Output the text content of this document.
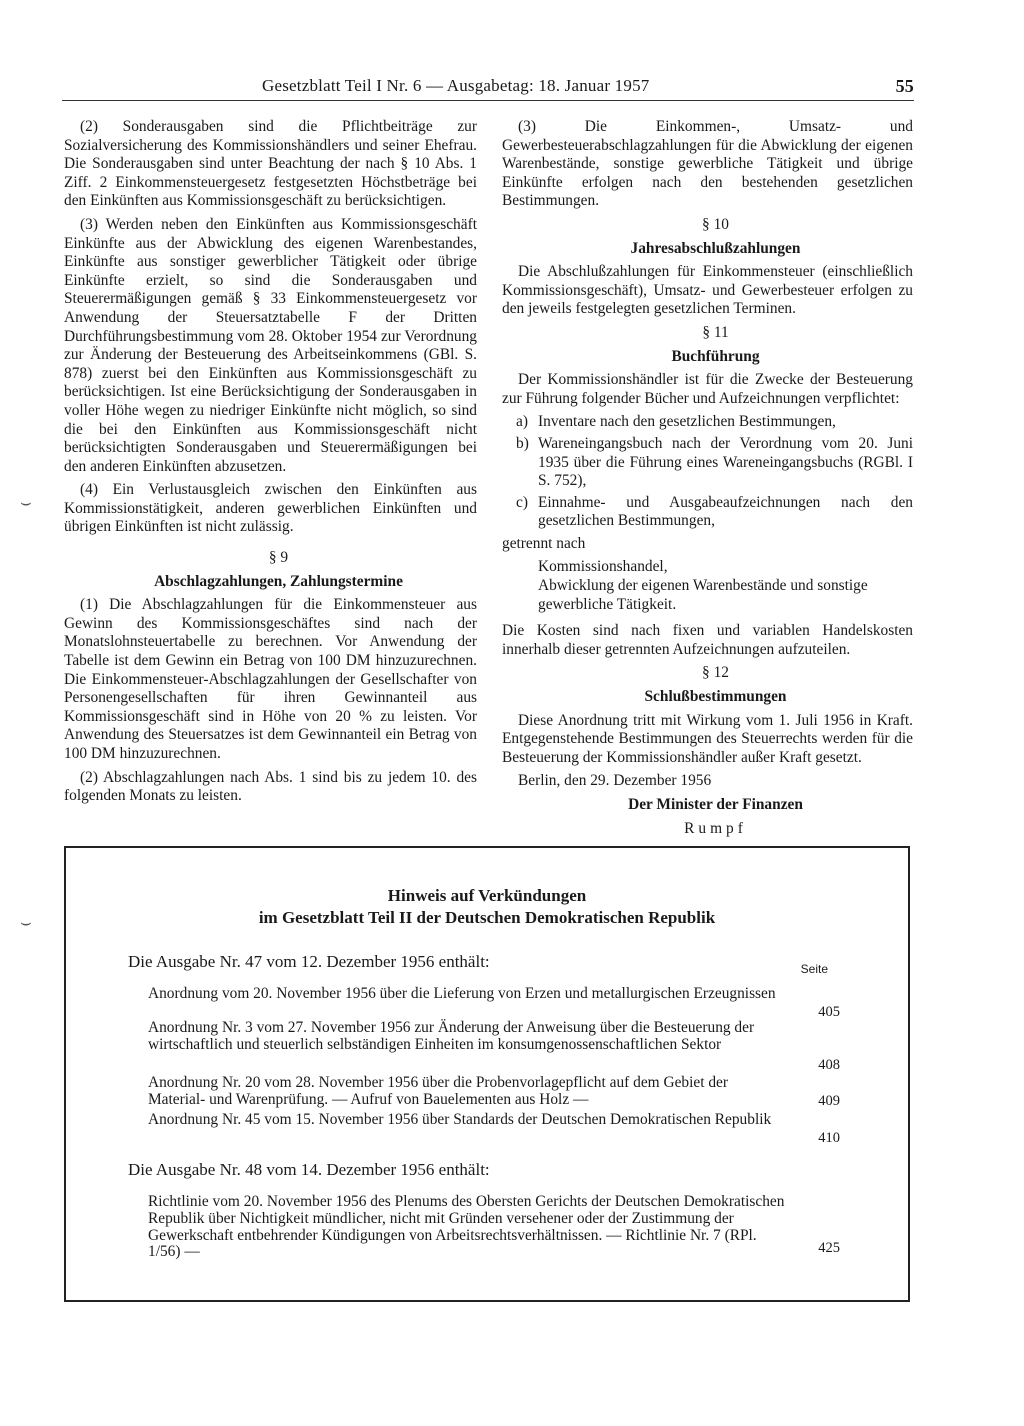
Gesetzblatt Teil I Nr. 6 — Ausgabetag: 18. Januar 1957	55

(2) Sonderausgaben sind die Pflichtbeiträge zur Sozialversicherung des Kommissionshändlers und seiner Ehefrau. Die Sonderausgaben sind unter Beachtung der nach § 10 Abs. 1 Ziff. 2 Einkommensteuergesetz festgesetzten Höchstbeträge bei den Einkünften aus Kommissionsgeschäft zu berücksichtigen.

(3) Werden neben den Einkünften aus Kommissionsgeschäft Einkünfte aus der Abwicklung des eigenen Warenbestandes, Einkünfte aus sonstiger gewerblicher Tätigkeit oder übrige Einkünfte erzielt, so sind die Sonderausgaben und Steuerermäßigungen gemäß § 33 Einkommensteuergesetz vor Anwendung der Steuersatztabelle F der Dritten Durchführungsbestimmung vom 28. Oktober 1954 zur Verordnung zur Änderung der Besteuerung des Arbeitseinkommens (GBl. S. 878) zuerst bei den Einkünften aus Kommissionsgeschäft zu berücksichtigen. Ist eine Berücksichtigung der Sonderausgaben in voller Höhe wegen zu niedriger Einkünfte nicht möglich, so sind die bei den Einkünften aus Kommissionsgeschäft nicht berücksichtigten Sonderausgaben und Steuerermäßigungen bei den anderen Einkünften abzusetzen.

(4) Ein Verlustausgleich zwischen den Einkünften aus Kommissionstätigkeit, anderen gewerblichen Einkünften und übrigen Einkünften ist nicht zulässig.

§ 9

Abschlagzahlungen, Zahlungstermine

(1) Die Abschlagzahlungen für die Einkommensteuer aus Gewinn des Kommissionsgeschäftes sind nach der Monatslohnsteuertabelle zu berechnen. Vor Anwendung der Tabelle ist dem Gewinn ein Betrag von 100 DM hinzuzurechnen. Die Einkommensteuer-Abschlagzahlungen der Gesellschafter von Personengesellschaften für ihren Gewinnanteil aus Kommissionsgeschäft sind in Höhe von 20 % zu leisten. Vor Anwendung des Steuersatzes ist dem Gewinnanteil ein Betrag von 100 DM hinzuzurechnen.

(2) Abschlagzahlungen nach Abs. 1 sind bis zu jedem 10. des folgenden Monats zu leisten.

(3) Die Einkommen-, Umsatz- und Gewerbesteuerabschlagzahlungen für die Abwicklung der eigenen Warenbestände, sonstige gewerbliche Tätigkeit und übrige Einkünfte erfolgen nach den bestehenden gesetzlichen Bestimmungen.

§ 10

Jahresabschlußzahlungen

Die Abschlußzahlungen für Einkommensteuer (einschließlich Kommissionsgeschäft), Umsatz- und Gewerbesteuer erfolgen zu den jeweils festgelegten gesetzlichen Terminen.

§ 11

Buchführung

Der Kommissionshändler ist für die Zwecke der Besteuerung zur Führung folgender Bücher und Aufzeichnungen verpflichtet:

a) Inventare nach den gesetzlichen Bestimmungen,
b) Wareneingangsbuch nach der Verordnung vom 20. Juni 1935 über die Führung eines Wareneingangsbuchs (RGBl. I S. 752),
c) Einnahme- und Ausgabeaufzeichnungen nach den gesetzlichen Bestimmungen,

getrennt nach

Kommissionshandel,
Abwicklung der eigenen Warenbestände und sonstige gewerbliche Tätigkeit.

Die Kosten sind nach fixen und variablen Handelskosten innerhalb dieser getrennten Aufzeichnungen aufzuteilen.

§ 12

Schlußbestimmungen

Diese Anordnung tritt mit Wirkung vom 1. Juli 1956 in Kraft. Entgegenstehende Bestimmungen des Steuerrechts werden für die Besteuerung der Kommissionshändler außer Kraft gesetzt.

Berlin, den 29. Dezember 1956

Der Minister der Finanzen

Rumpf

Hinweis auf Verkündungen
im Gesetzblatt Teil II der Deutschen Demokratischen Republik
Die Ausgabe Nr. 47 vom 12. Dezember 1956 enthält:	Seite
Anordnung vom 20. November 1956 über die Lieferung von Erzen und metallurgischen Erzeugnissen
405
Anordnung Nr. 3 vom 27. November 1956 zur Änderung der Anweisung über die Besteuerung der wirtschaftlich und steuerlich selbständigen Einheiten im konsumgenossenschaftlichen Sektor
408
Anordnung Nr. 20 vom 28. November 1956 über die Probenvorlagepflicht auf dem Gebiet der Material- und Warenprüfung. — Aufruf von Bauelementen aus Holz —	409
Anordnung Nr. 45 vom 15. November 1956 über Standards der Deutschen Demokratischen Republik
410
Die Ausgabe Nr. 48 vom 14. Dezember 1956 enthält:
Richtlinie vom 20. November 1956 des Plenums des Obersten Gerichts der Deutschen Demokratischen Republik über Nichtigkeit mündlicher, nicht mit Gründen versehener oder der Zustimmung der Gewerkschaft entbehrender Kündigungen von Arbeitsrechtsverhältnissen. — Richtlinie Nr. 7 (RPl. 1/56) —	425
⌣
⌣
